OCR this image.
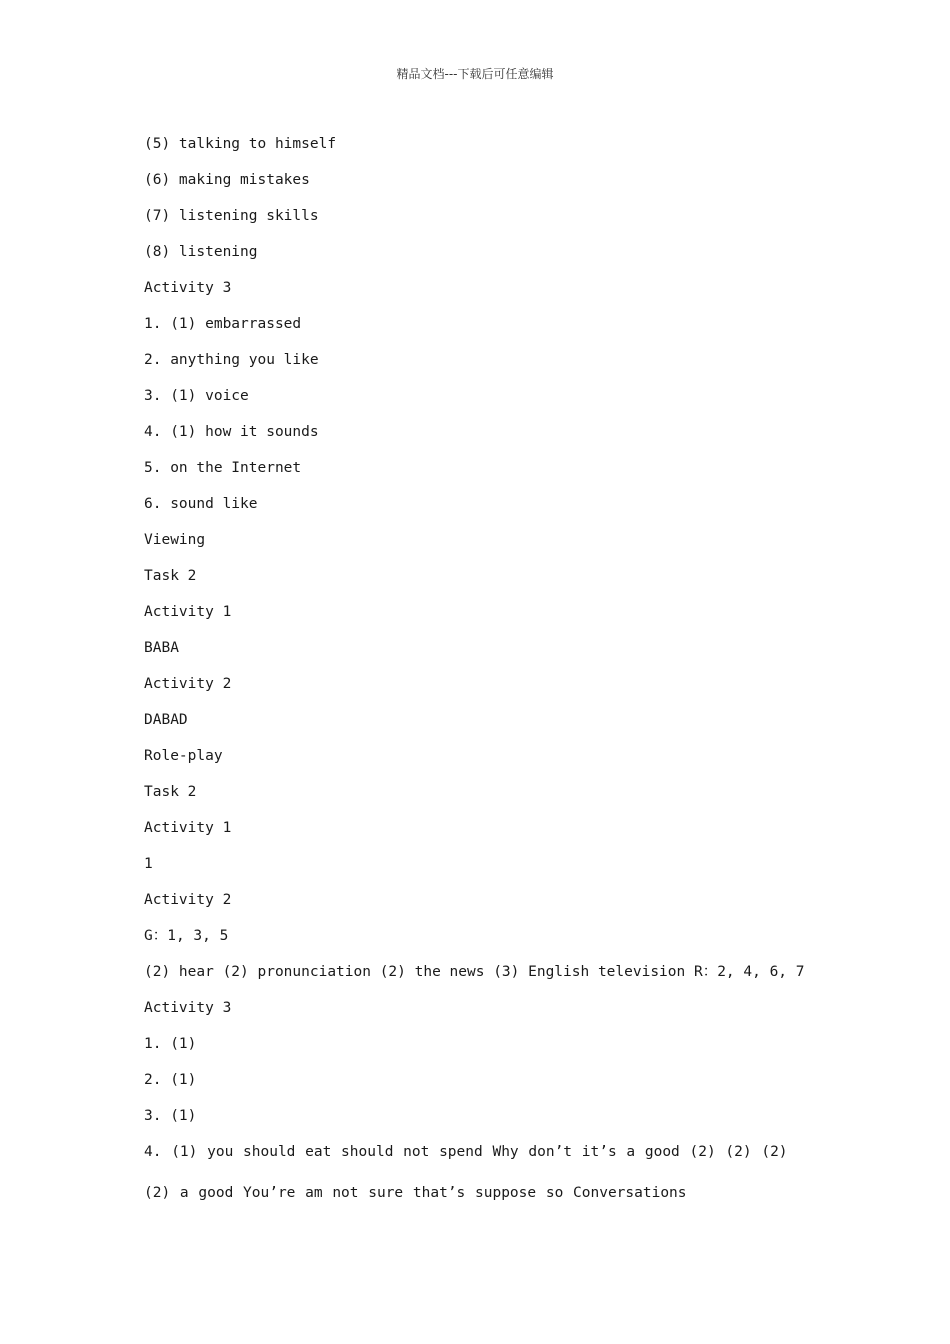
精品文档---下载后可任意编辑

(5) talking to himself

(6) making mistakes

(7) listening skills

(8) listening

Activity 3

1. (1) embarrassed

2. anything you like

3. (1) voice

4. (1) how it sounds

5. on the Internet

6. sound like

Viewing

Task 2

Activity 1

BABA

Activity 2

DABAD

Role-play

Task 2

Activity 1

1

Activity 2

G：1, 3, 5

(2) hear (2) pronunciation (2) the news (3) English television R：2, 4, 6, 7

Activity 3

1. (1)

2. (1)

3. (1)

4. (1) you should eat should not spend Why don’t it’s a good (2) (2) (2) (2) a good You’re am not sure that’s suppose so Conversations
